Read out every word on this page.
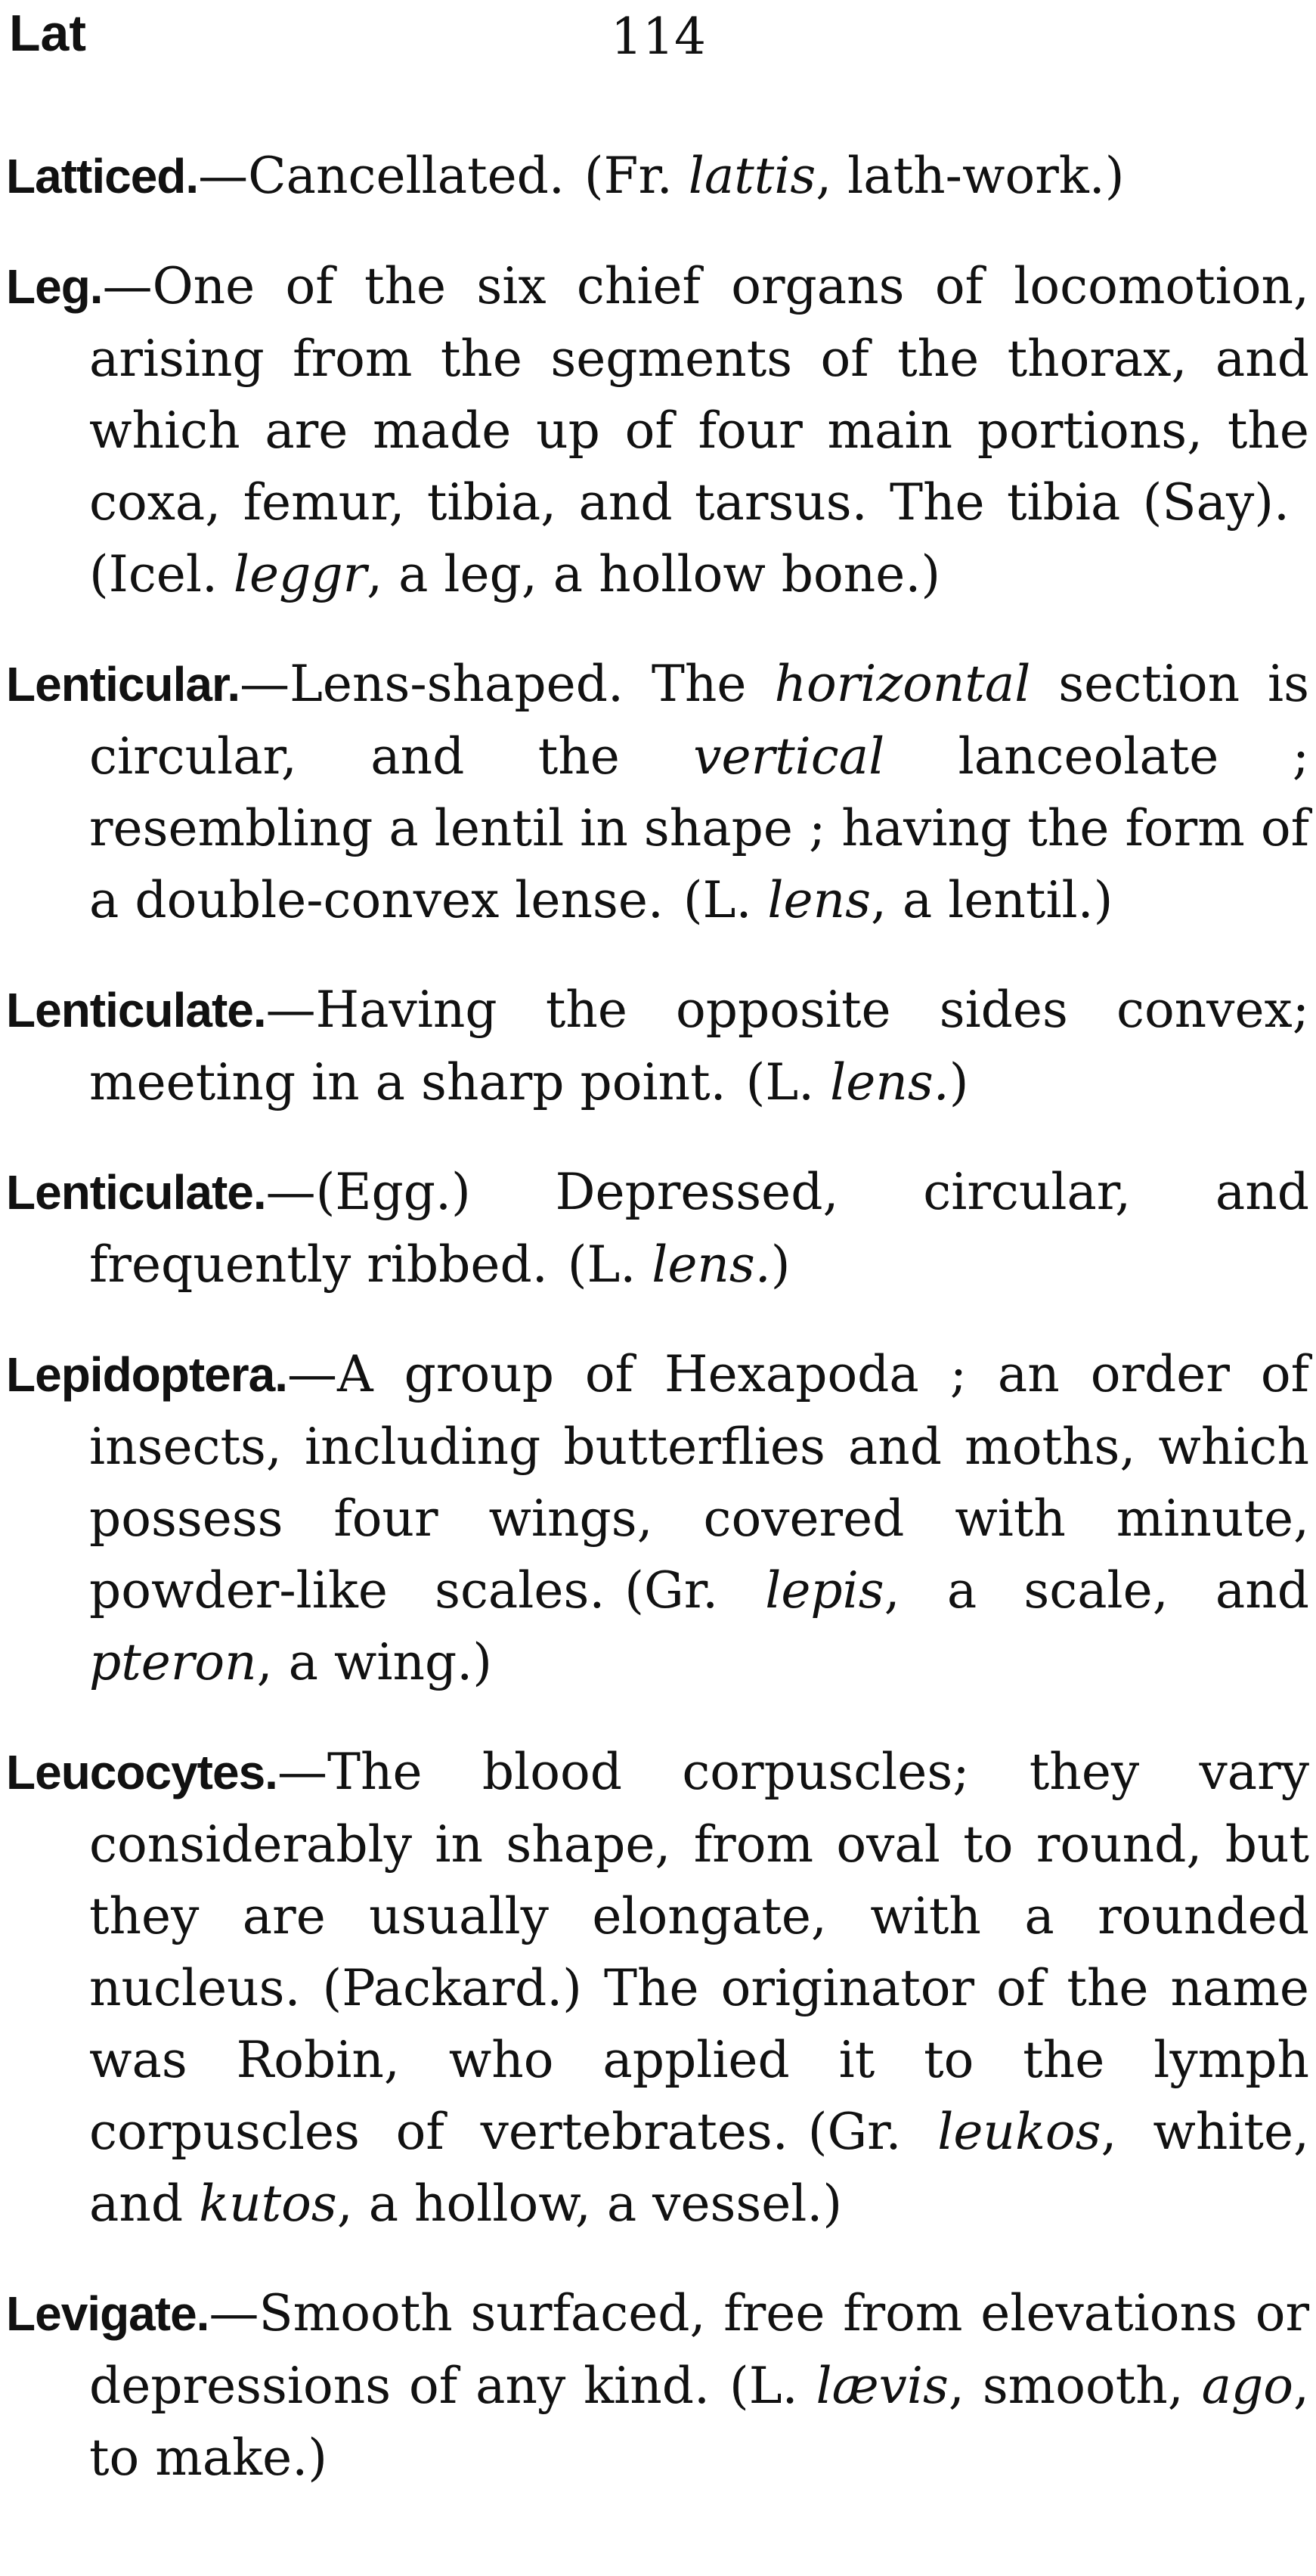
Lat	114

Latticed.—Cancellated. (Fr. lattis, lath-work.)

Leg.—One of the six chief organs of locomotion, arising from the segments of the thorax, and which are made up of four main portions, the coxa, femur, tibia, and tarsus. The tibia (Say).(Icel. leggr, a leg, a hollow bone.)

Lenticular.—Lens-shaped. The horizontal section is circular, and the vertical lanceolate ; resembling a lentil in shape ; having the form of a double-convex lense. (L. lens, a lentil.)

Lenticulate.—Having the opposite sides convex; meeting in a sharp point. (L. lens.)

Lenticulate.—(Egg.) Depressed, circular, and frequently ribbed. (L. lens.)

Lepidoptera.—A group of Hexapoda ; an order of insects, including butterflies and moths, which possess four wings, covered with minute, powder-like scales. (Gr. lepis, a scale, and pteron, a wing.)

Leucocytes.—The blood corpuscles; they vary considerably in shape, from oval to round, but they are usually elongate, with a rounded nucleus. (Packard.) The originator of the name was Robin, who applied it to the lymph corpuscles of vertebrates. (Gr. leukos, white, and kutos, a hollow, a vessel.)

Levigate.—Smooth surfaced, free from elevations or depressions of any kind. (L. lævis, smooth, ago, to make.)
